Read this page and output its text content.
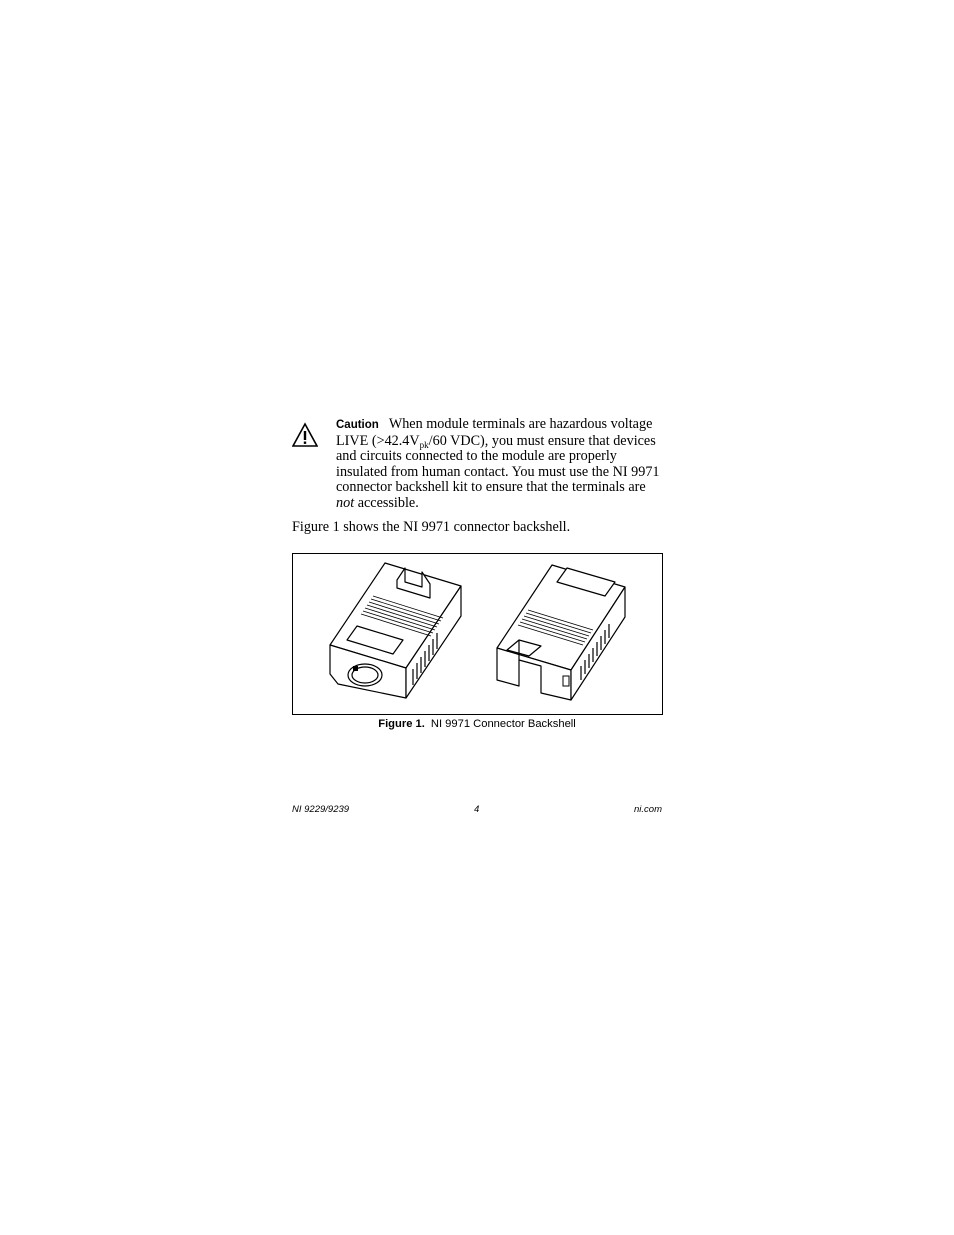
Caution When module terminals are hazardous voltage
LIVE ($>42.4V_{pk}/60$ VDC), you must ensure that devices
and circuits connected to the module are properly
insulated from human contact. You must use the NI 9971
connector backshell kit to ensure that the terminals are
not accessible.
Figure 1 shows the NI 9971 connector backshell.
Figure 1. NI 9971 Connector Backshell
NI 9229/9239	4	ni.com
